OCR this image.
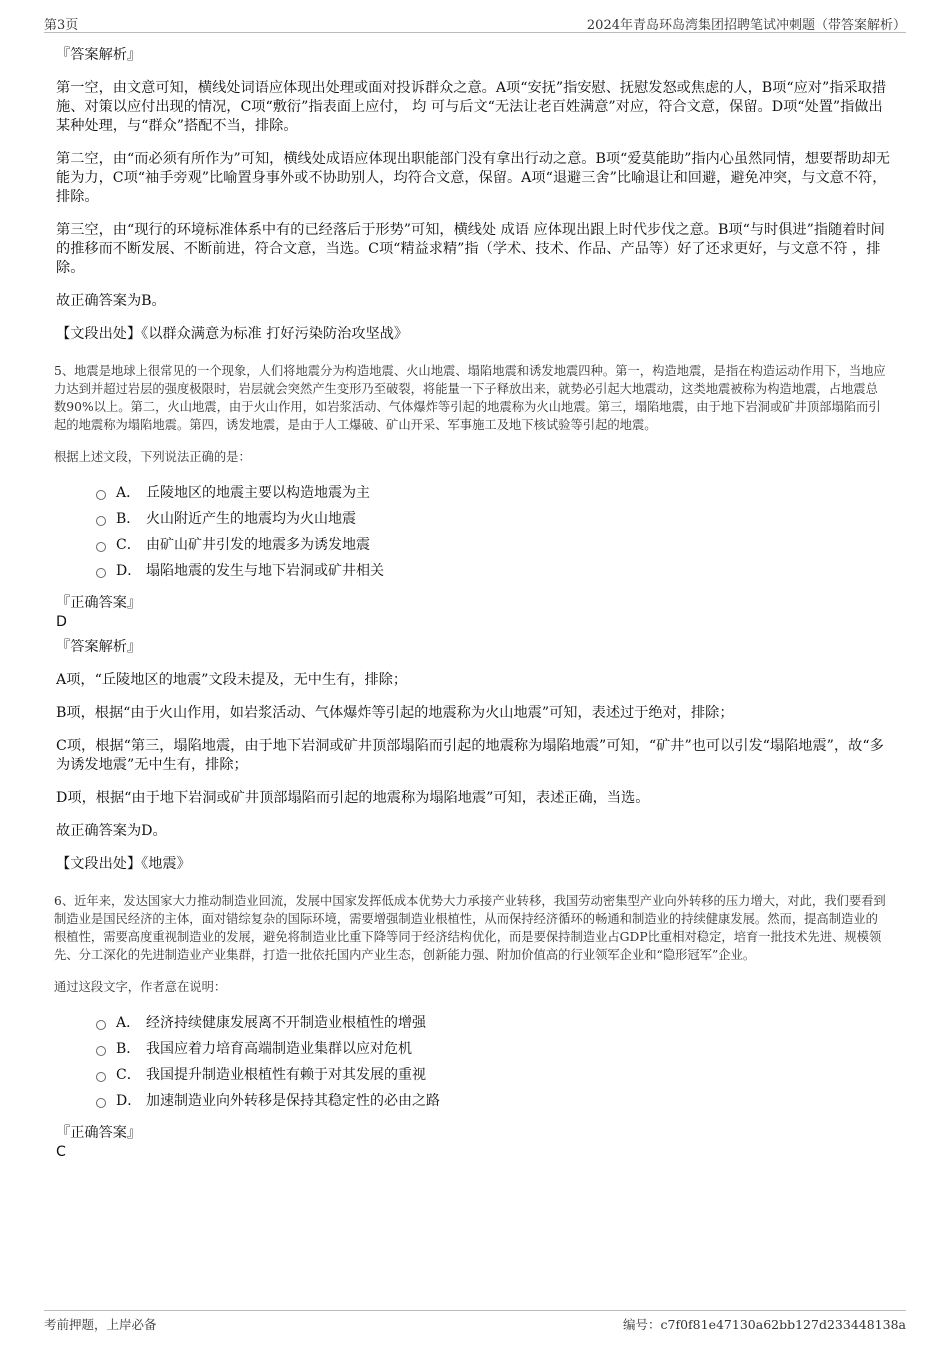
第3页	2024年青岛环岛湾集团招聘笔试冲刺题（带答案解析）
『答案解析』

第一空，由文意可知，横线处词语应体现出处理或面对投诉群众之意。A项“安抚”指安慰、抚慰发怒或焦虑的人，B项“应对”指采取措施、对策以应付出现的情况，C项“敷衍”指表面上应付， 均 可与后文“无法让老百姓满意”对应，符合文意，保留。D项“处置”指做出某种处理，与“群众”搭配不当，排除。

第二空，由“而必须有所作为”可知，横线处成语应体现出职能部门没有拿出行动之意。B项“爱莫能助”指内心虽然同情，想要帮助却无能为力，C项“袖手旁观”比喻置身事外或不协助别人，均符合文意，保留。A项“退避三舍”比喻退让和回避，避免冲突，与文意不符，排除。

第三空，由“现行的环境标准体系中有的已经落后于形势”可知，横线处 成语 应体现出跟上时代步伐之意。B项“与时俱进”指随着时间的推移而不断发展、不断前进，符合文意，当选。C项“精益求精”指（学术、技术、作品、产品等）好了还求更好，与文意不符 ，排除。

故正确答案为B。

【文段出处】《以群众满意为标准 打好污染防治攻坚战》

5、地震是地球上很常见的一个现象，人们将地震分为构造地震、火山地震、塌陷地震和诱发地震四种。第一，构造地震，是指在构造运动作用下，当地应力达到并超过岩层的强度极限时，岩层就会突然产生变形乃至破裂，将能量一下子释放出来，就势必引起大地震动，这类地震被称为构造地震，占地震总数90%以上。第二，火山地震，由于火山作用，如岩浆活动、气体爆炸等引起的地震称为火山地震。第三，塌陷地震，由于地下岩洞或矿井顶部塌陷而引起的地震称为塌陷地震。第四，诱发地震，是由于人工爆破、矿山开采、军事施工及地下核试验等引起的地震。

根据上述文段，下列说法正确的是：

A． 丘陵地区的地震主要以构造地震为主
B． 火山附近产生的地震均为火山地震
C． 由矿山矿井引发的地震多为诱发地震
D． 塌陷地震的发生与地下岩洞或矿井相关
『正确答案』
D
『答案解析』

A项，“丘陵地区的地震”文段未提及，无中生有，排除；

B项，根据“由于火山作用，如岩浆活动、气体爆炸等引起的地震称为火山地震”可知，表述过于绝对，排除；

C项，根据“第三，塌陷地震，由于地下岩洞或矿井顶部塌陷而引起的地震称为塌陷地震”可知，“矿井”也可以引发“塌陷地震”，故“多为诱发地震”无中生有，排除；

D项，根据“由于地下岩洞或矿井顶部塌陷而引起的地震称为塌陷地震”可知，表述正确，当选。

故正确答案为D。

【文段出处】《地震》

6、近年来，发达国家大力推动制造业回流，发展中国家发挥低成本优势大力承接产业转移，我国劳动密集型产业向外转移的压力增大，对此，我们要看到制造业是国民经济的主体，面对错综复杂的国际环境，需要增强制造业根植性，从而保持经济循环的畅通和制造业的持续健康发展。然而，提高制造业的根植性，需要高度重视制造业的发展，避免将制造业比重下降等同于经济结构优化，而是要保持制造业占GDP比重相对稳定，培育一批技术先进、规模领先、分工深化的先进制造业产业集群，打造一批依托国内产业生态，创新能力强、附加价值高的行业领军企业和“隐形冠军”企业。

通过这段文字，作者意在说明：

A． 经济持续健康发展离不开制造业根植性的增强
B． 我国应着力培育高端制造业集群以应对危机
C． 我国提升制造业根植性有赖于对其发展的重视
D． 加速制造业向外转移是保持其稳定性的必由之路
『正确答案』
C
考前押题，上岸必备	编号：c7f0f81e47130a62bb127d233448138a
